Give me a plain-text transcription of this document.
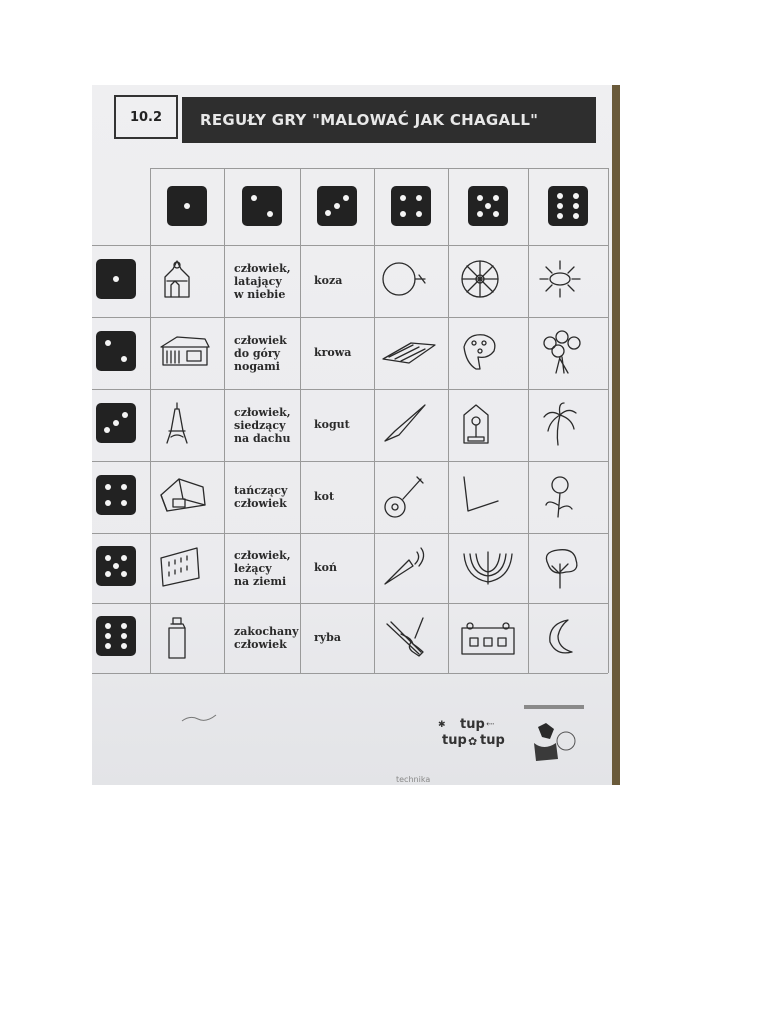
10.2	REGUŁY GRY "MALOWAĆ JAK CHAGALL"
człowiek,
latający
w niebie
koza
człowiek
do góry
nogami
krowa
człowiek,
siedzący
na dachu
kogut
tańczący
człowiek
kot
człowiek,
leżący
na ziemi
koń
zakochany
człowiek
ryba
tup
tup tup
✿
⇠
✱
technika
